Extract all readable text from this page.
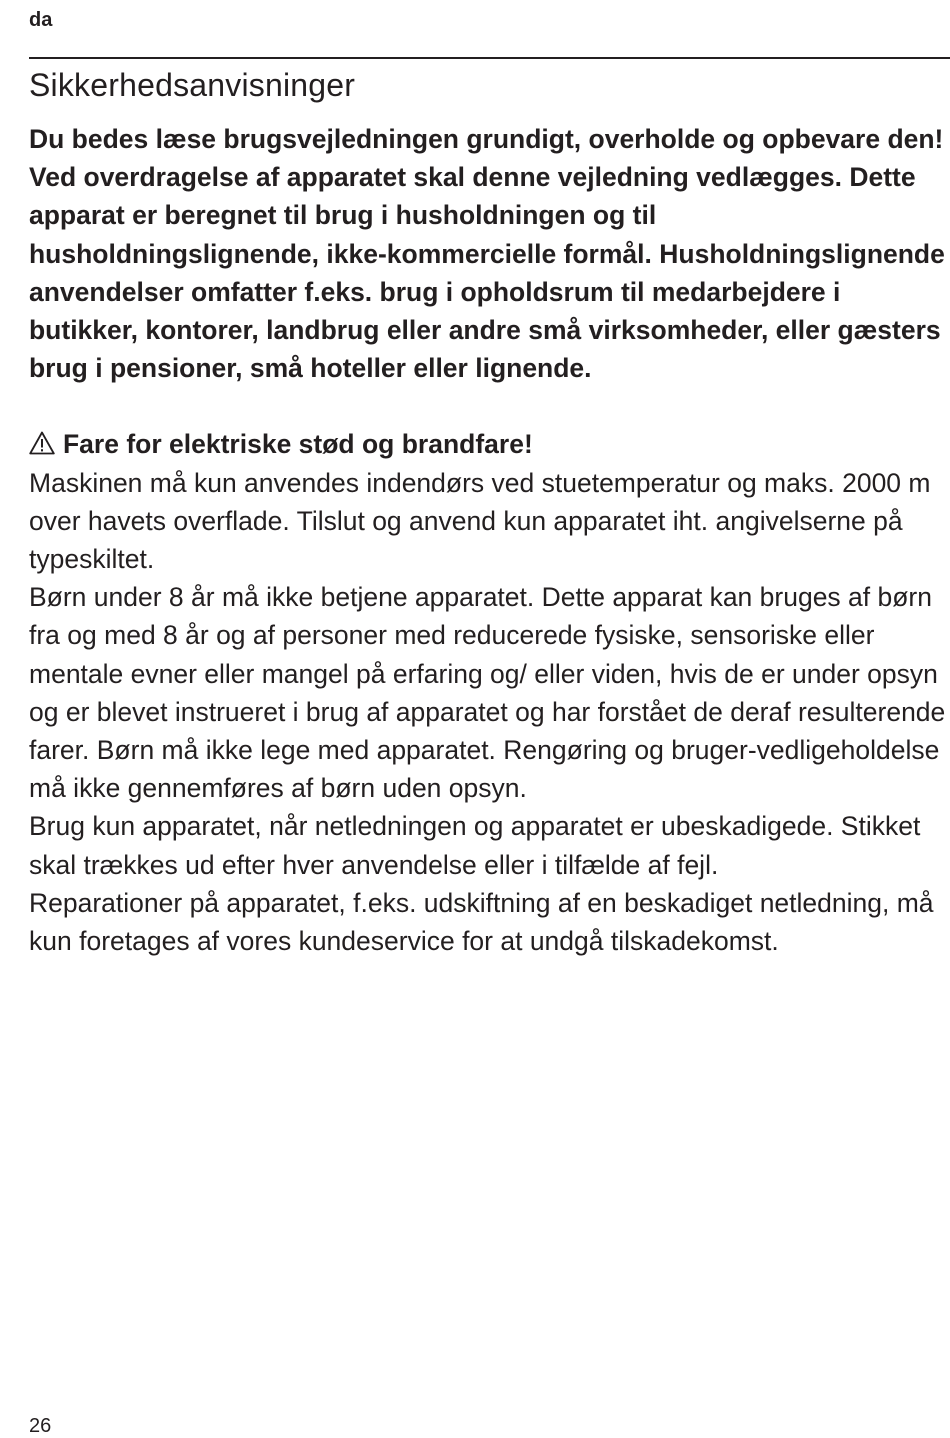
da
Sikkerhedsanvisninger

Du bedes læse brugsvejledningen grundigt, overholde og opbevare den! Ved overdragelse af apparatet skal denne vejledning vedlægges. Dette apparat er beregnet til brug i husholdningen og til husholdningslignende, ikke-kommercielle formål. Husholdningslignende anvendelser omfatter f.eks. brug i opholdsrum til medarbejdere i butikker, kontorer, landbrug eller andre små virksomheder, eller gæsters brug i pensioner, små hoteller eller lignende.

Fare for elektriske stød og brandfare!

Maskinen må kun anvendes indendørs ved stuetemperatur og maks. 2000 m over havets overflade. Tilslut og anvend kun apparatet iht. angivelserne på typeskiltet.

Børn under 8 år må ikke betjene apparatet. Dette apparat kan bruges af børn fra og med 8 år og af personer med reducerede fysiske, sensoriske eller mentale evner eller mangel på erfaring og/ eller viden, hvis de er under opsyn og er blevet instrueret i brug af apparatet og har forstået de deraf resulterende farer. Børn må ikke lege med apparatet. Rengøring og bruger-vedligeholdelse må ikke gennemføres af børn uden opsyn.

Brug kun apparatet, når netledningen og apparatet er ubeskadigede. Stikket skal trækkes ud efter hver anvendelse eller i tilfælde af fejl.

Reparationer på apparatet, f.eks. udskiftning af en beskadiget netledning, må kun foretages af vores kundeservice for at undgå tilskadekomst.

26
